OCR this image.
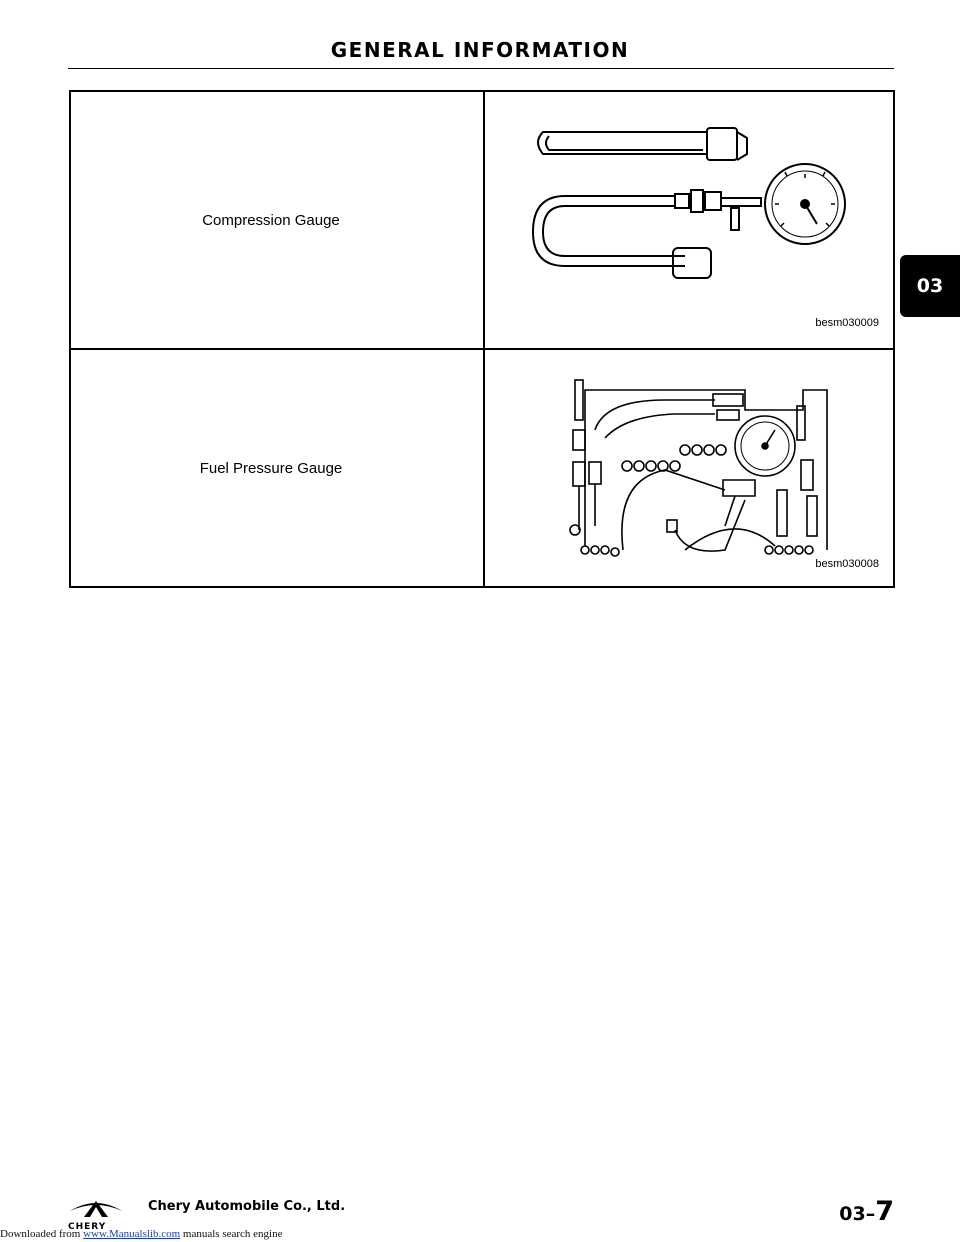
GENERAL INFORMATION
Compression Gauge	besm030009

Fuel Pressure Gauge	besm030008
03
CHERY
Chery Automobile Co., Ltd.	03–7
Downloaded from www.Manualslib.com manuals search engine
